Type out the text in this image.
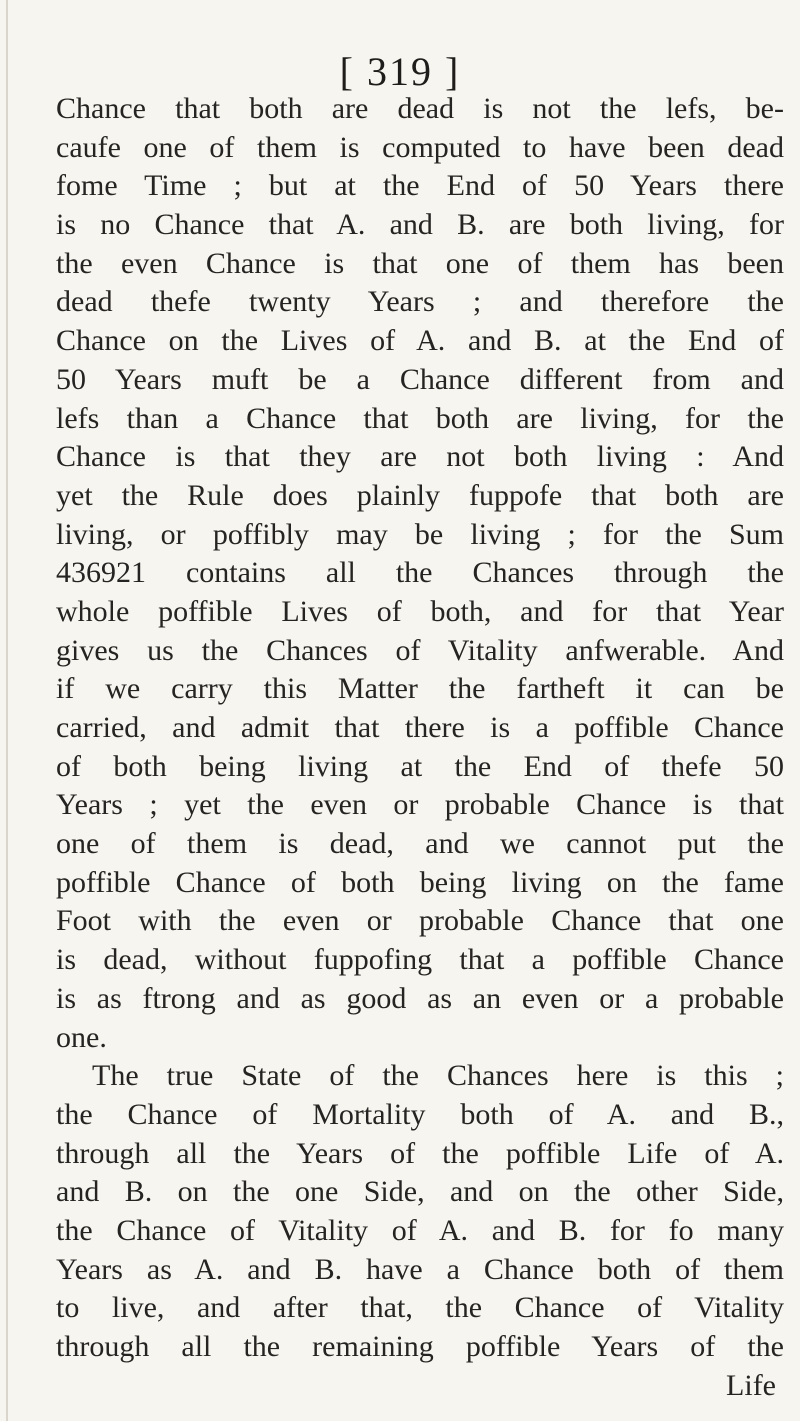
[ 319 ]
Chance that both are dead is not the lefs, be-
caufe one of them is computed to have been dead
fome Time ; but at the End of 50 Years there
is no Chance that A. and B. are both living, for
the even Chance is that one of them has been
dead thefe twenty Years ; and therefore the
Chance on the Lives of A. and B. at the End of
50 Years muft be a Chance different from and
lefs than a Chance that both are living, for the
Chance is that they are not both living : And
yet the Rule does plainly fuppofe that both are
living, or poffibly may be living ; for the Sum
436921 contains all the Chances through the
whole poffible Lives of both, and for that Year
gives us the Chances of Vitality anfwerable. And
if we carry this Matter the fartheft it can be
carried, and admit that there is a poffible Chance
of both being living at the End of thefe 50
Years ; yet the even or probable Chance is that
one of them is dead, and we cannot put the
poffible Chance of both being living on the fame
Foot with the even or probable Chance that one
is dead, without fuppofing that a poffible Chance
is as ftrong and as good as an even or a probable
one.
The true State of the Chances here is this ;
the Chance of Mortality both of A. and B.,
through all the Years of the poffible Life of A.
and B. on the one Side, and on the other Side,
the Chance of Vitality of A. and B. for fo many
Years as A. and B. have a Chance both of them
to live, and after that, the Chance of Vitality
through all the remaining poffible Years of the
Life
